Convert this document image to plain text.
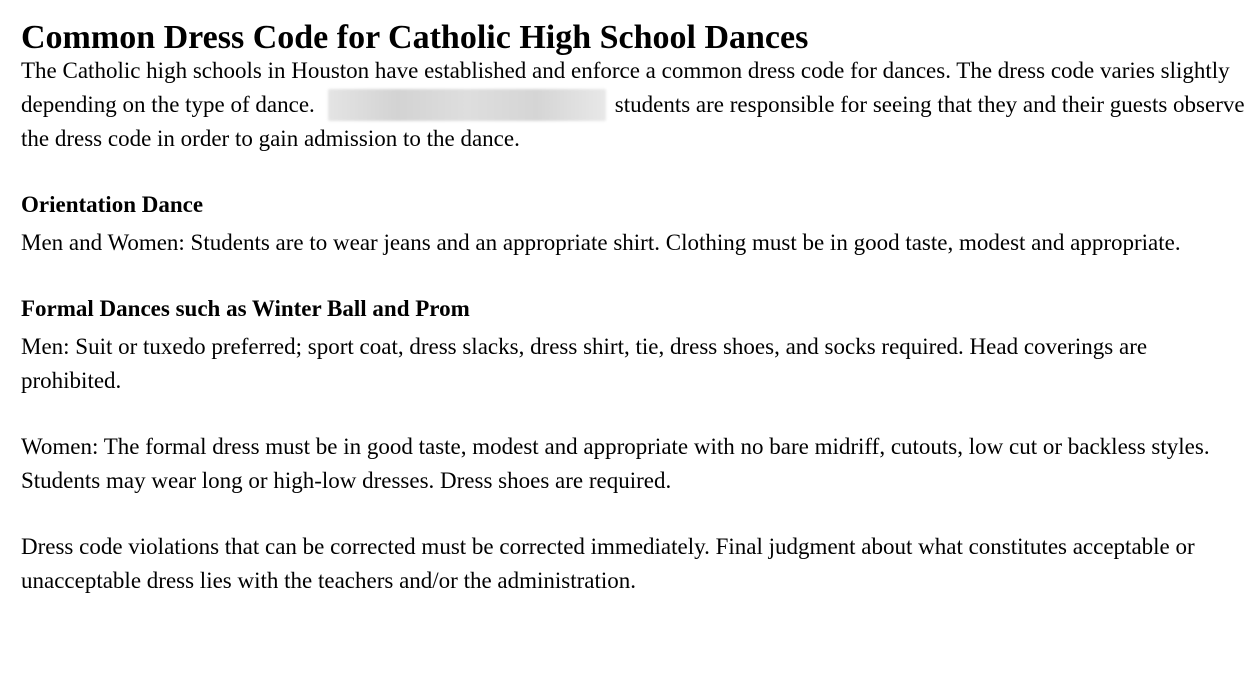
Common Dress Code for Catholic High School Dances

The Catholic high schools in Houston have established and enforce a common dress code for dances. The dress code varies slightly depending on the type of dance.	students are responsible for seeing that they and their guests observe the dress code in order to gain admission to the dance.

Orientation Dance

Men and Women: Students are to wear jeans and an appropriate shirt. Clothing must be in good taste, modest and appropriate.

Formal Dances such as Winter Ball and Prom

Men: Suit or tuxedo preferred; sport coat, dress slacks, dress shirt, tie, dress shoes, and socks required. Head coverings are prohibited.

Women: The formal dress must be in good taste, modest and appropriate with no bare midriff, cutouts, low cut or backless styles. Students may wear long or high-low dresses. Dress shoes are required.

Dress code violations that can be corrected must be corrected immediately. Final judgment about what constitutes acceptable or unacceptable dress lies with the teachers and/or the administration.
